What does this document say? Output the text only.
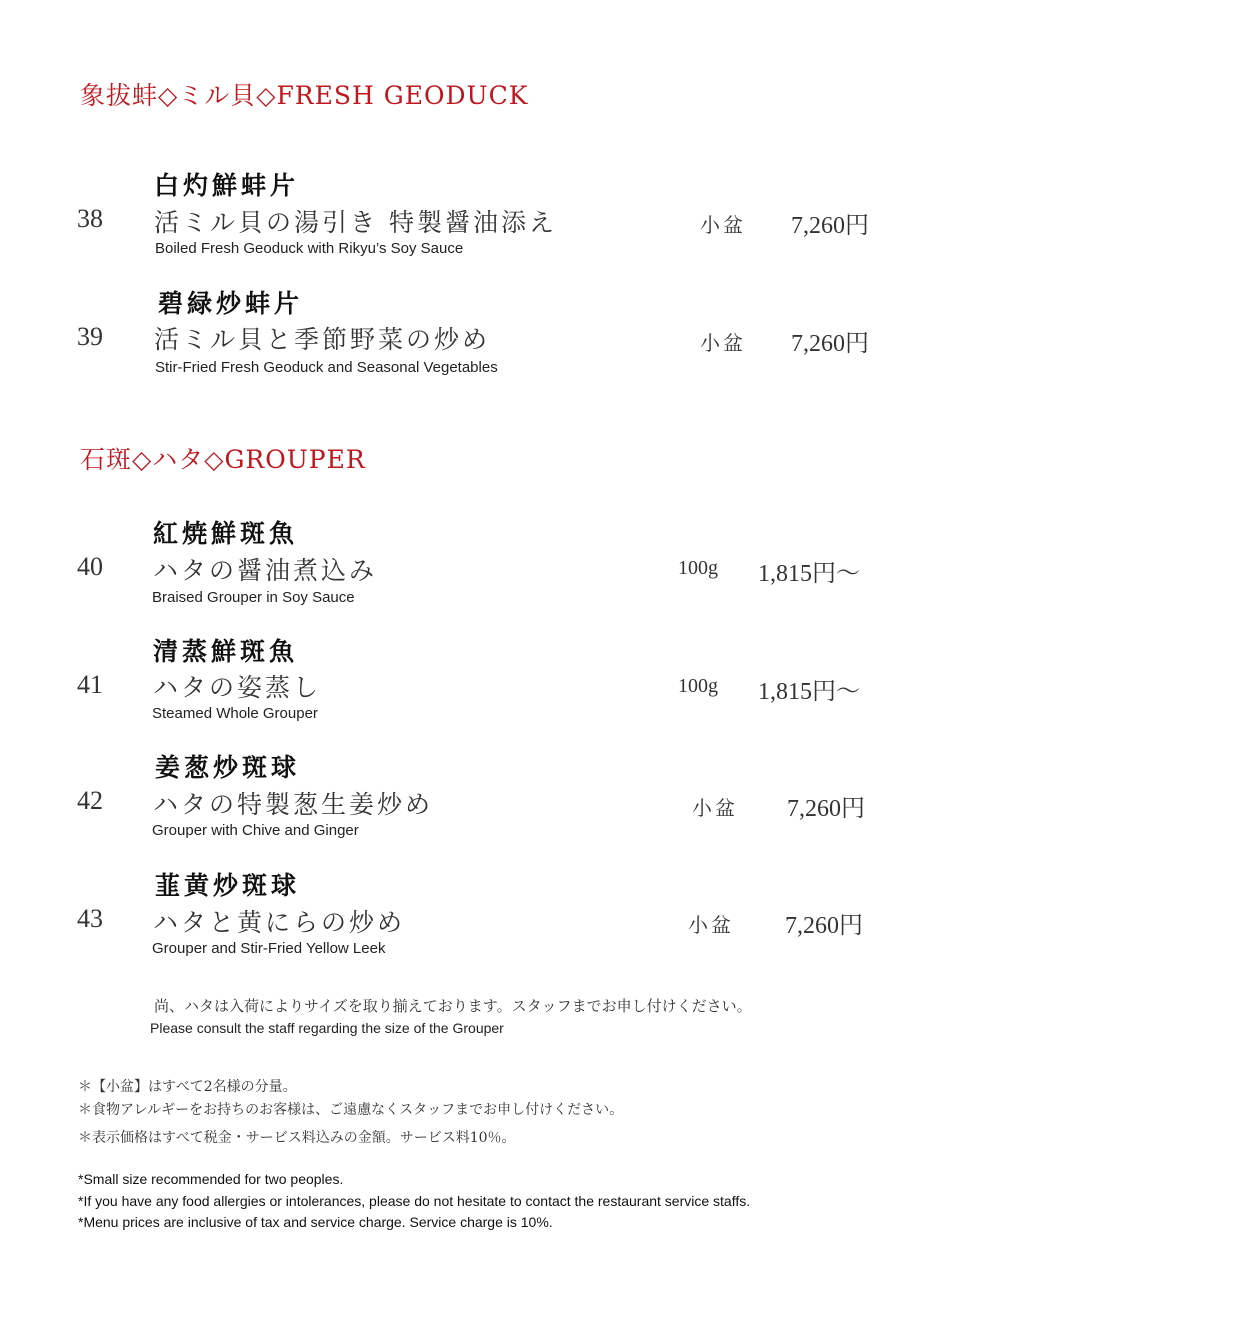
象拔蚌◇ミル貝◇FRESH GEODUCK
白灼鮮蚌片
38 活ミル貝の湯引き 特製醤油添え
Boiled Fresh Geoduck with Rikyu’s Soy Sauce
小盆 7,260円
碧緑炒蚌片
39 活ミル貝と季節野菜の炒め
Stir-Fried Fresh Geoduck and Seasonal Vegetables
小盆 7,260円
石斑◇ハタ◇GROUPER
紅焼鮮斑魚
40 ハタの醤油煮込み
Braised Grouper in Soy Sauce
100g 1,815円～
清蒸鮮斑魚
41 ハタの姿蒸し
Steamed Whole Grouper
100g 1,815円～
姜葱炒斑球
42 ハタの特製葱生姜炒め
Grouper with Chive and Ginger
小盆 7,260円
韮黄炒斑球
43 ハタと黄にらの炒め
Grouper and Stir-Fried Yellow Leek
小盆 7,260円
尚、ハタは入荷によりサイズを取り揃えております。スタッフまでお申し付けください。
Please consult the staff regarding the size of the Grouper
＊【小盆】はすべて2名様の分量。
＊食物アレルギーをお持ちのお客様は、ご遠慮なくスタッフまでお申し付けください。
＊表示価格はすべて税金・サービス料込みの金額。サービス料10％。
*Small size recommended for two peoples.
*If you have any food allergies or intolerances, please do not hesitate to contact the restaurant service staffs.
*Menu prices are inclusive of tax and service charge. Service charge is 10%.
